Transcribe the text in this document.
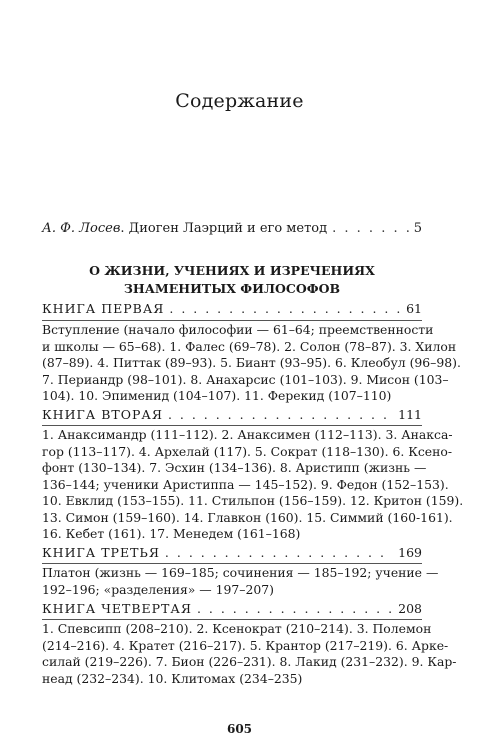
Содержание
А. Ф. Лосев. Диоген Лаэрций и его метод . . .	5
О ЖИЗНИ, УЧЕНИЯХ И ИЗРЕЧЕНИЯХ
ЗНАМЕНИТЫХ ФИЛОСОФОВ
КНИГА ПЕРВАЯ . . .	61
Вступление (начало философии — 61–64; преемственности
и школы — 65–68). 1. Фалес (69–78). 2. Солон (78–87). 3. Хилон
(87–89). 4. Питтак (89–93). 5. Биант (93–95). 6. Клеобул (96–98).
7. Периандр (98–101). 8. Анахарсис (101–103). 9. Мисон (103–
104). 10. Эпименид (104–107). 11. Ферекид (107–110)
КНИГА ВТОРАЯ . . .	111
1. Анаксимандр (111–112). 2. Анаксимен (112–113). 3. Анакса-
гор (113–117). 4. Архелай (117). 5. Сократ (118–130). 6. Ксено-
фонт (130–134). 7. Эсхин (134–136). 8. Аристипп (жизнь —
136–144; ученики Аристиппа — 145–152). 9. Федон (152–153).
10. Евклид (153–155). 11. Стильпон (156–159). 12. Критон (159).
13. Симон (159–160). 14. Главкон (160). 15. Симмий (160-161).
16. Кебет (161). 17. Менедем (161–168)
КНИГА ТРЕТЬЯ . . .	169
Платон (жизнь — 169–185; сочинения — 185–192; учение —
192–196; «разделения» — 197–207)
КНИГА ЧЕТВЕРТАЯ . . .	208
1. Спевсипп (208–210). 2. Ксенократ (210–214). 3. Полемон
(214–216). 4. Кратет (216–217). 5. Крантор (217–219). 6. Арке-
силай (219–226). 7. Бион (226–231). 8. Лакид (231–232). 9. Кар-
неад (232–234). 10. Клитомах (234–235)
605
